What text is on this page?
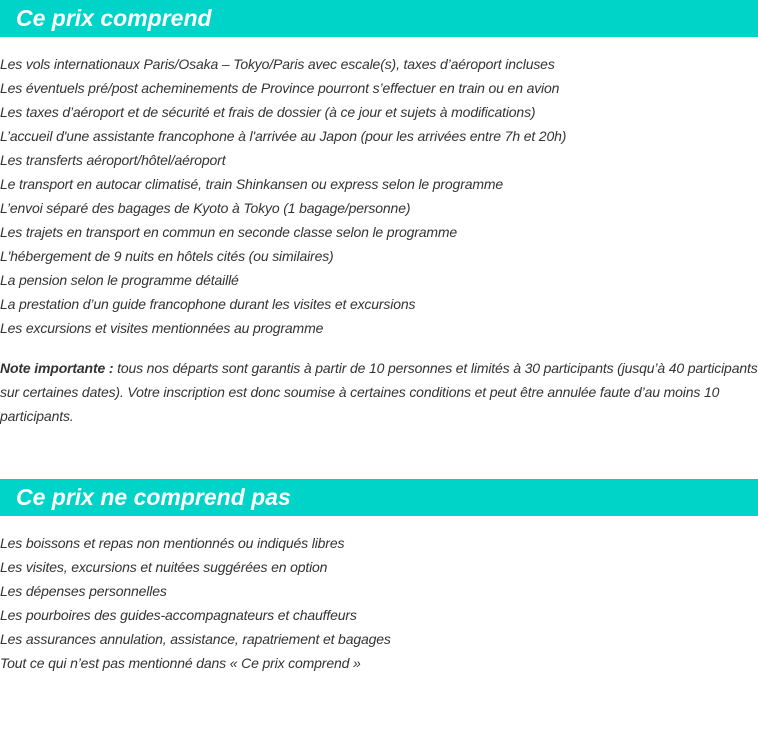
Ce prix comprend
Les vols internationaux Paris/Osaka – Tokyo/Paris avec escale(s), taxes d’aéroport incluses
Les éventuels pré/post acheminements de Province pourront s’effectuer en train ou en avion
Les taxes d’aéroport et de sécurité et frais de dossier (à ce jour et sujets à modifications)
L’accueil d'une assistante francophone à l'arrivée au Japon (pour les arrivées entre 7h et 20h)
Les transferts aéroport/hôtel/aéroport
Le transport en autocar climatisé, train Shinkansen ou express selon le programme
L’envoi séparé des bagages de Kyoto à Tokyo (1 bagage/personne)
Les trajets en transport en commun en seconde classe selon le programme
L'hébergement de 9 nuits en hôtels cités (ou similaires)
La pension selon le programme détaillé
La prestation d’un guide francophone durant les visites et excursions
Les excursions et visites mentionnées au programme

Note importante : tous nos départs sont garantis à partir de 10 personnes et limités à 30 participants (jusqu’à 40 participants sur certaines dates). Votre inscription est donc soumise à certaines conditions et peut être annulée faute d’au moins 10 participants.

Ce prix ne comprend pas
Les boissons et repas non mentionnés ou indiqués libres
Les visites, excursions et nuitées suggérées en option
Les dépenses personnelles
Les pourboires des guides-accompagnateurs et chauffeurs
Les assurances annulation, assistance, rapatriement et bagages
Tout ce qui n’est pas mentionné dans « Ce prix comprend »
